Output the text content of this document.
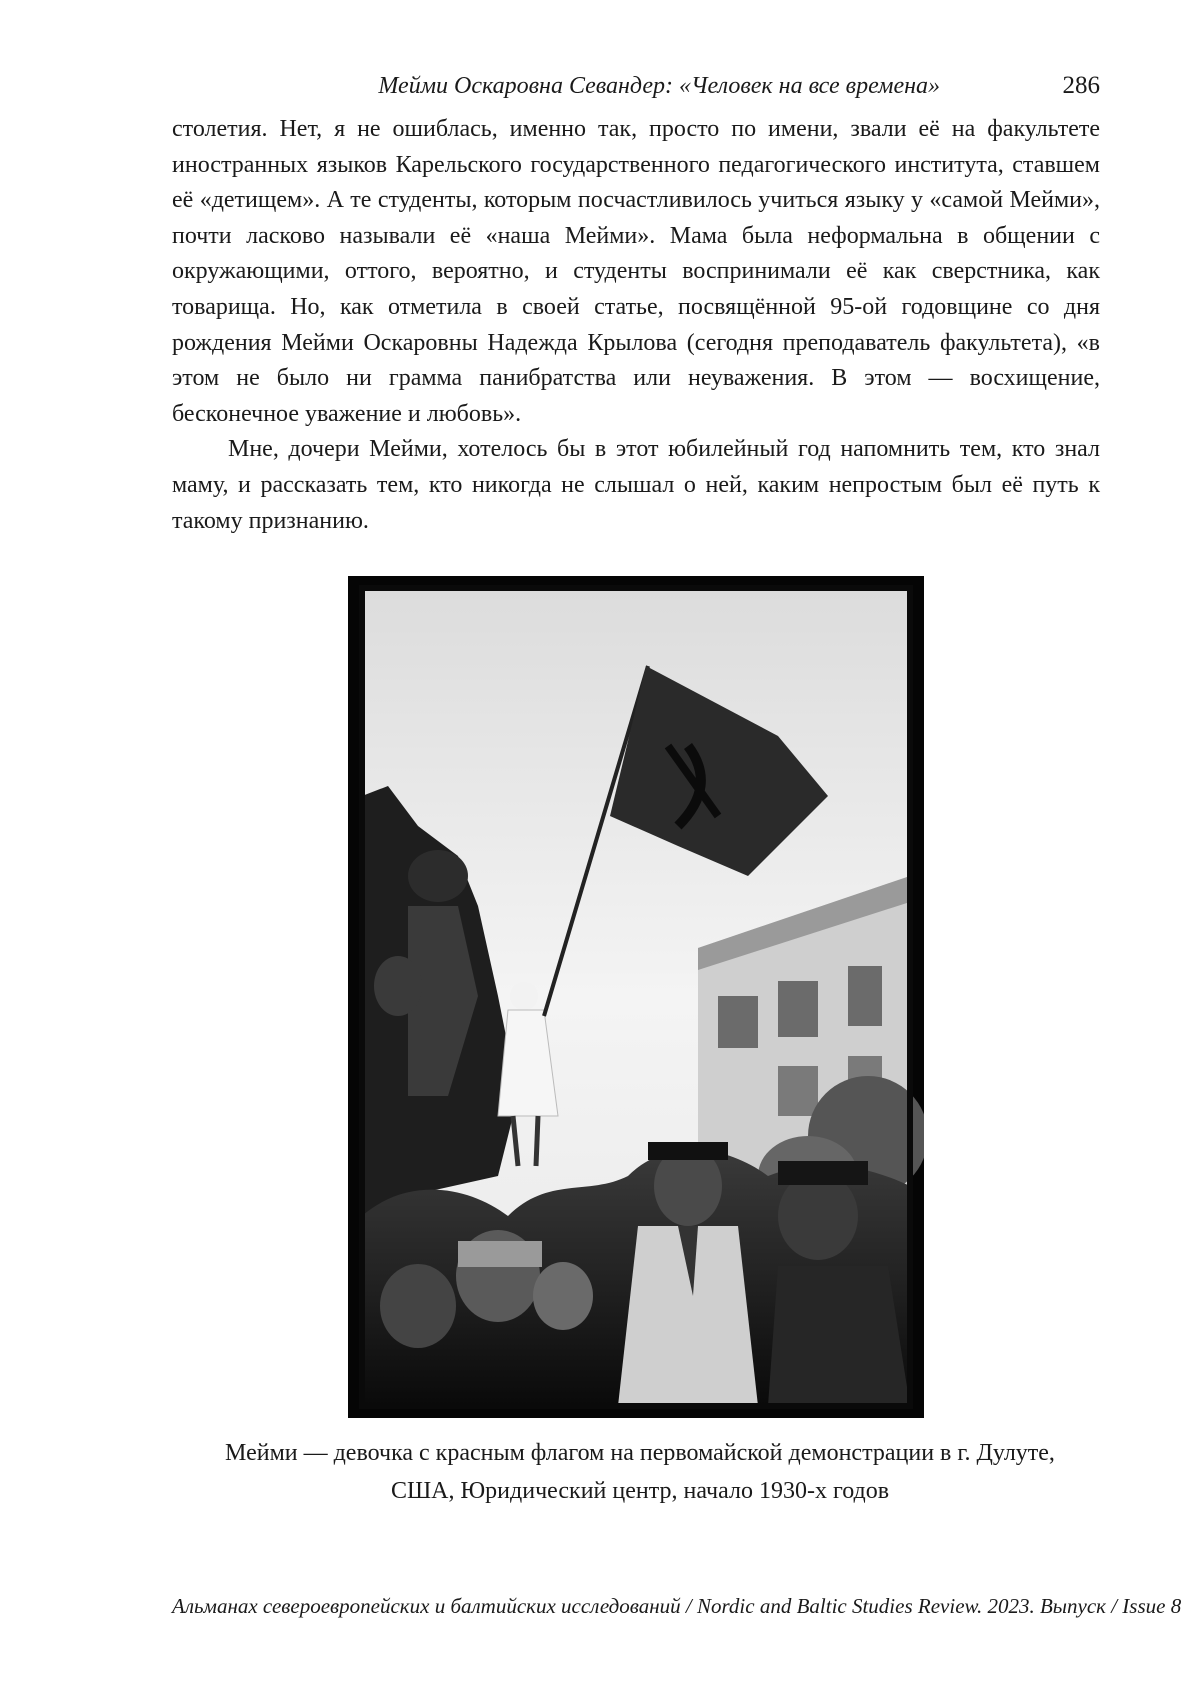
Мейми Оскаровна Севандер: «Человек на все времена»	286

столетия. Нет, я не ошиблась, именно так, просто по имени, звали её на факультете иностранных языков Карельского государственного педагогического института, ставшем её «детищем». А те студенты, которым посчастливилось учиться языку у «самой Мейми», почти ласково называли её «наша Мейми». Мама была неформальна в общении с окружающими, оттого, вероятно, и студенты воспринимали её как сверстника, как товарища. Но, как отметила в своей статье, посвящённой 95-ой годовщине со дня рождения Мейми Оскаровны Надежда Крылова (сегодня преподаватель факультета), «в этом не было ни грамма панибратства или неуважения. В этом — восхищение, бесконечное уважение и любовь».

Мне, дочери Мейми, хотелось бы в этот юбилейный год напомнить тем, кто знал маму, и рассказать тем, кто никогда не слышал о ней, каким непростым был её путь к такому признанию.

Мейми — девочка с красным флагом на первомайской демонстрации в г. Дулуте,
США, Юридический центр, начало 1930-х годов
Альманах североевропейских и балтийских исследований / Nordic and Baltic Studies Review. 2023. Выпуск / Issue 8
